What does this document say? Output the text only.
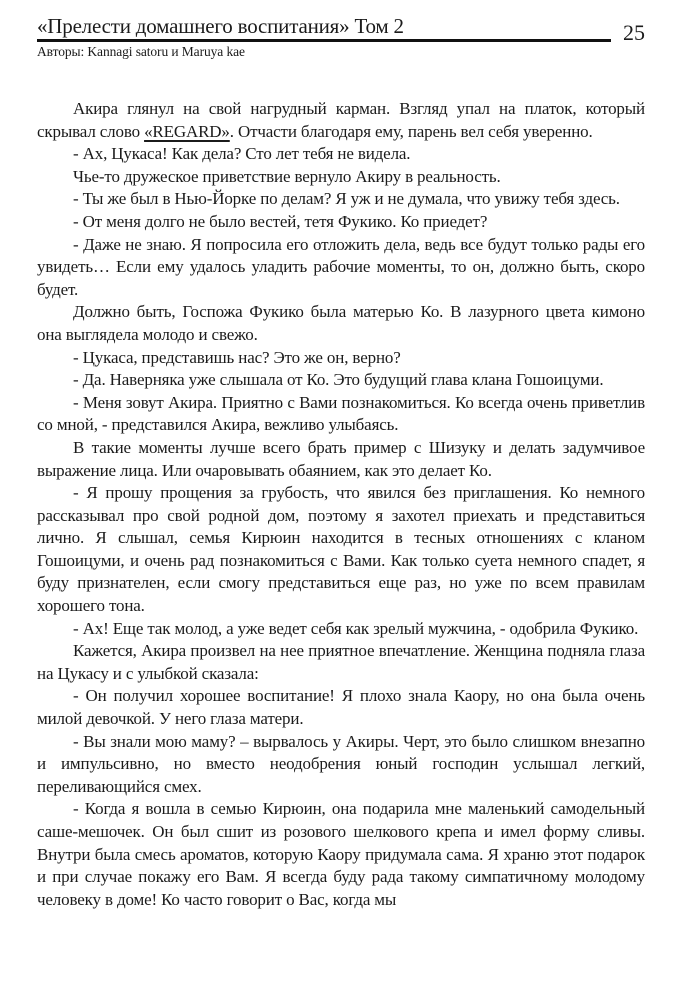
«Прелести домашнего воспитания» Том 2	25
Авторы: Kannagi satoru и Maruya kae

Акира глянул на свой нагрудный карман. Взгляд упал на платок, который скрывал слово «REGARD». Отчасти благодаря ему, парень вел себя уверенно.

- Ах, Цукаса! Как дела? Сто лет тебя не видела.

Чье-то дружеское приветствие вернуло Акиру в реальность.

- Ты же был в Нью-Йорке по делам? Я уж и не думала, что увижу тебя здесь.

- От меня долго не было вестей, тетя Фукико. Ко приедет?

- Даже не знаю. Я попросила его отложить дела, ведь все будут только рады его увидеть… Если ему удалось уладить рабочие моменты, то он, должно быть, скоро будет.

Должно быть, Госпожа Фукико была матерью Ко. В лазурного цвета кимоно она выглядела молодо и свежо.

- Цукаса, представишь нас? Это же он, верно?

- Да. Наверняка уже слышала от Ко. Это будущий глава клана Гошоицуми.

- Меня зовут Акира. Приятно с Вами познакомиться. Ко всегда очень приветлив со мной, - представился Акира, вежливо улыбаясь.

В такие моменты лучше всего брать пример с Шизуку и делать задумчивое выражение лица. Или очаровывать обаянием, как это делает Ко.

- Я прошу прощения за грубость, что явился без приглашения. Ко немного рассказывал про свой родной дом, поэтому я захотел приехать и представиться лично. Я слышал, семья Кирюин находится в тесных отношениях с кланом Гошоицуми, и очень рад познакомиться с Вами. Как только суета немного спадет, я буду признателен, если смогу представиться еще раз, но уже по всем правилам хорошего тона.

- Ах! Еще так молод, а уже ведет себя как зрелый мужчина, - одобрила Фукико.

Кажется, Акира произвел на нее приятное впечатление. Женщина подняла глаза на Цукасу и с улыбкой сказала:

- Он получил хорошее воспитание! Я плохо знала Каору, но она была очень милой девочкой. У него глаза матери.

- Вы знали мою маму? – вырвалось у Акиры. Черт, это было слишком внезапно и импульсивно, но вместо неодобрения юный господин услышал легкий, переливающийся смех.

- Когда я вошла в семью Кирюин, она подарила мне маленький самодельный саше-мешочек. Он был сшит из розового шелкового крепа и имел форму сливы. Внутри была смесь ароматов, которую Каору придумала сама. Я храню этот подарок и при случае покажу его Вам. Я всегда буду рада такому симпатичному молодому человеку в доме! Ко часто говорит о Вас, когда мы
